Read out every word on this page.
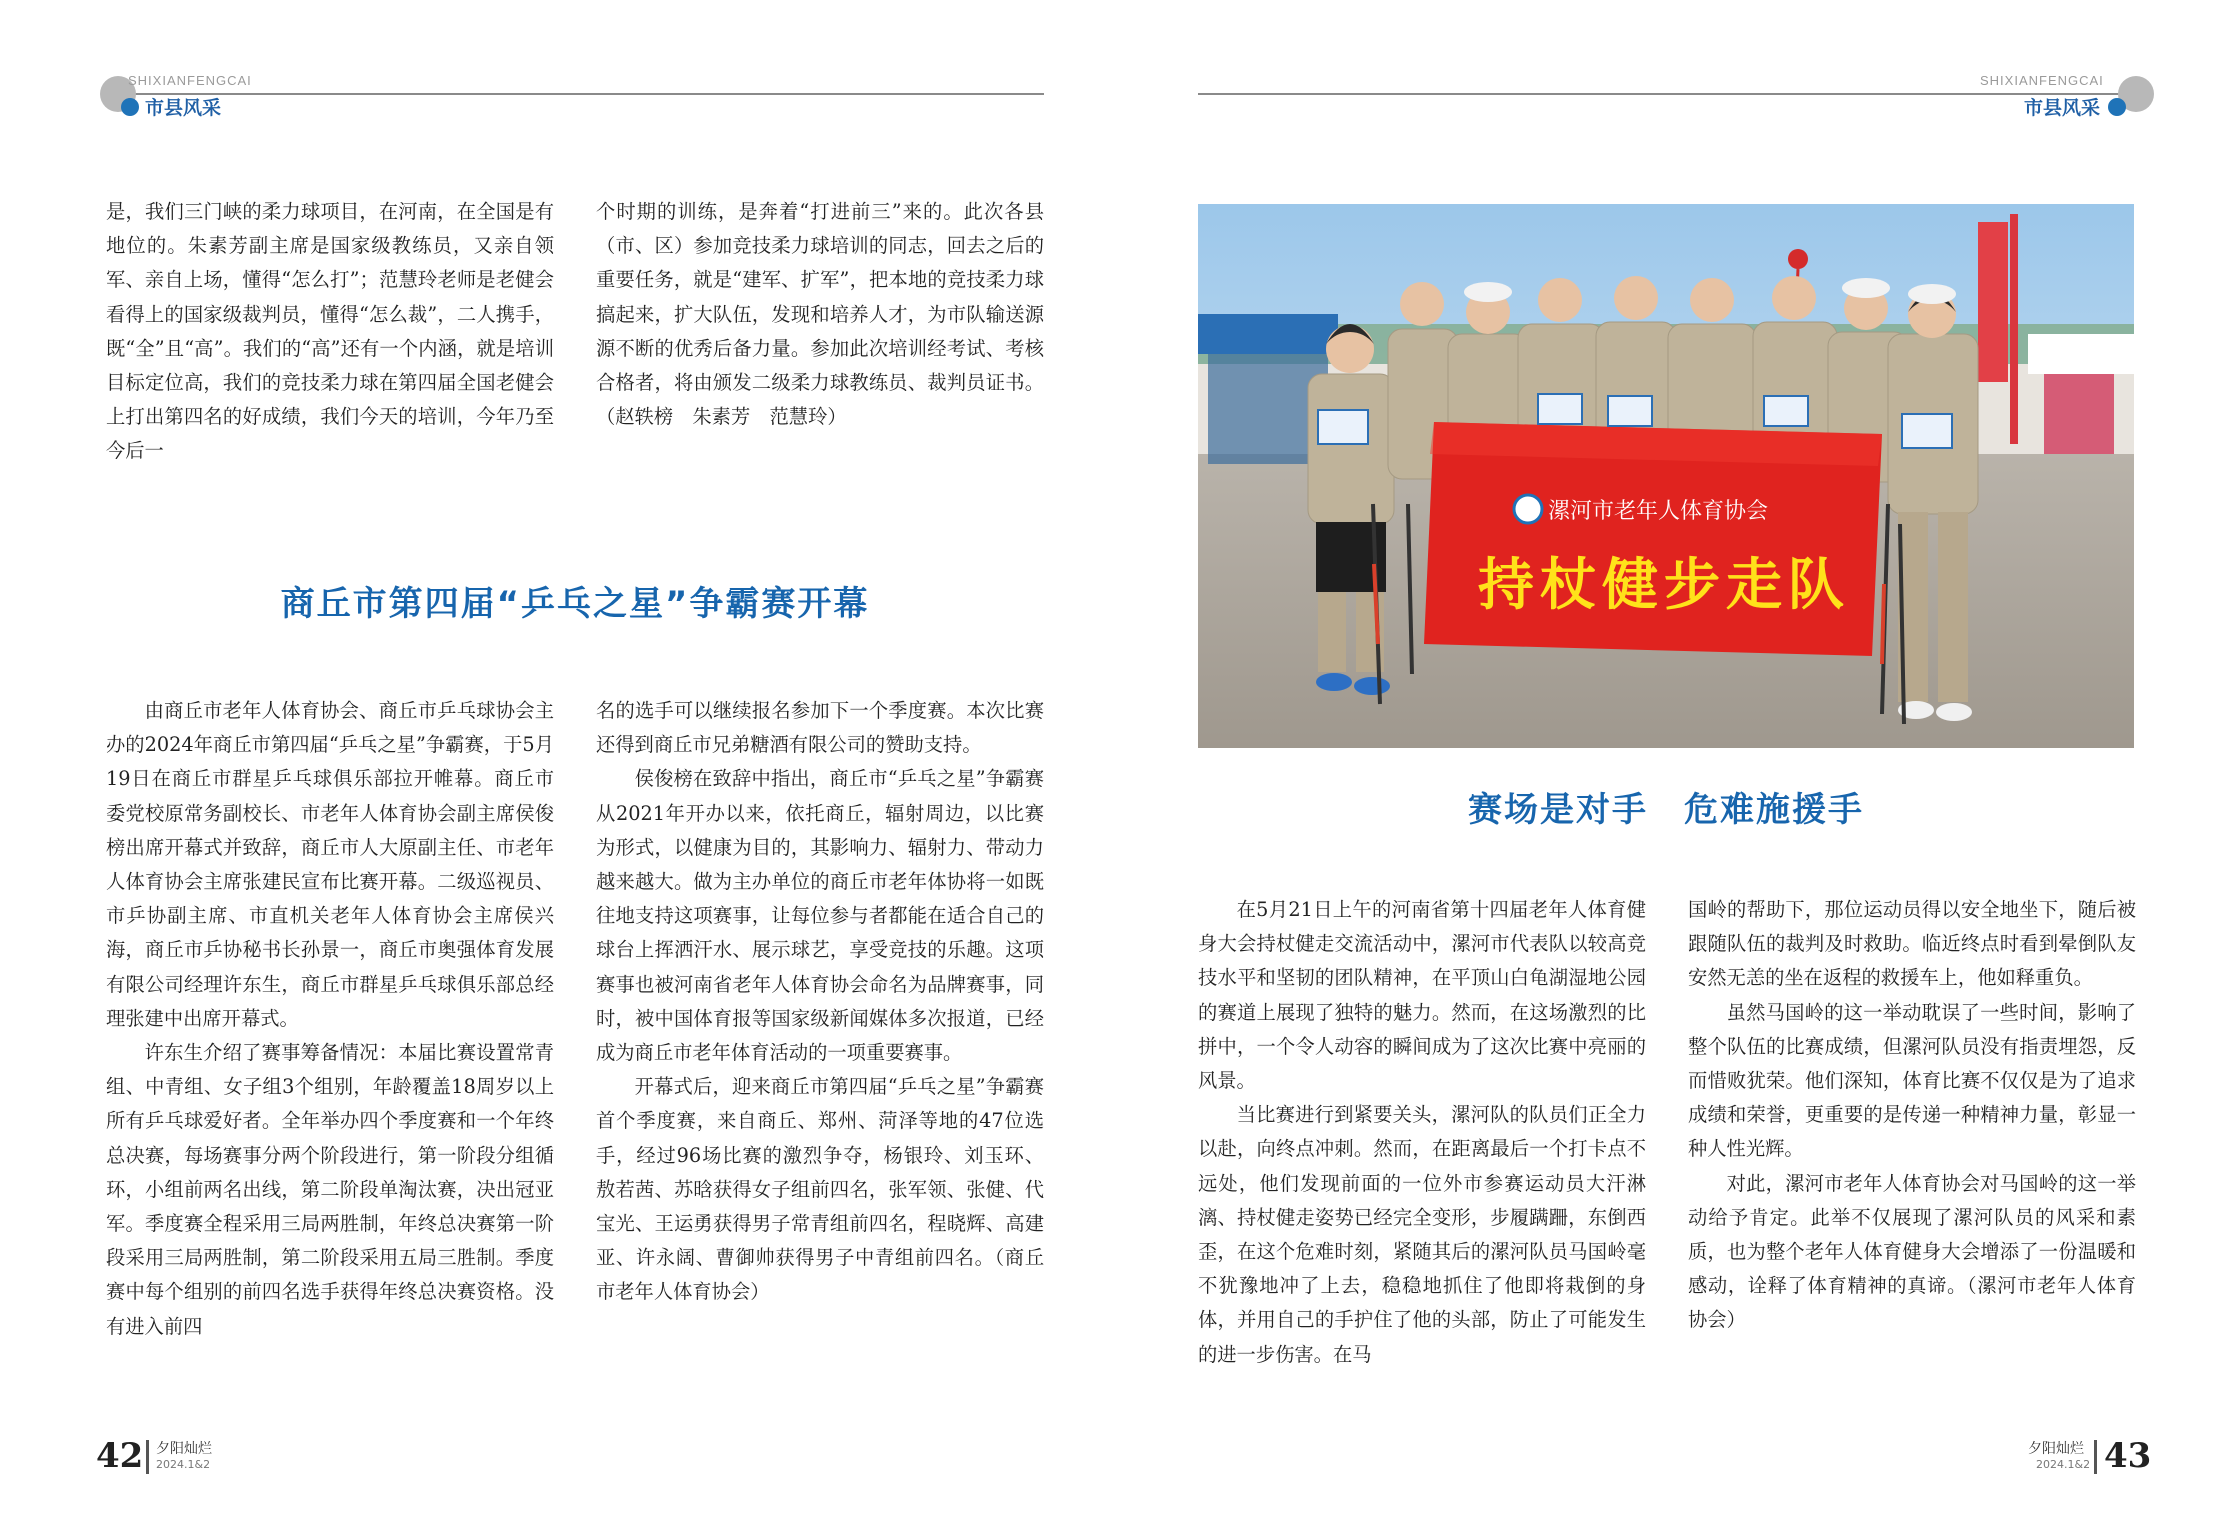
SHIXIANFENGCAI
市县风采

是，我们三门峡的柔力球项目，在河南，在全国是有地位的。朱素芳副主席是国家级教练员，又亲自领军、亲自上场，懂得“怎么打”；范慧玲老师是老健会看得上的国家级裁判员，懂得“怎么裁”，二人携手，既“全”且“高”。我们的“高”还有一个内涵，就是培训目标定位高，我们的竞技柔力球在第四届全国老健会上打出第四名的好成绩，我们今天的培训，今年乃至今后一

个时期的训练，是奔着“打进前三”来的。此次各县（市、区）参加竞技柔力球培训的同志，回去之后的重要任务，就是“建军、扩军”，把本地的竞技柔力球搞起来，扩大队伍，发现和培养人才，为市队输送源源不断的优秀后备力量。参加此次培训经考试、考核合格者，将由颁发二级柔力球教练员、裁判员证书。（赵轶榜　朱素芳　范慧玲）

商丘市第四届“乒乓之星”争霸赛开幕

由商丘市老年人体育协会、商丘市乒乓球协会主办的2024年商丘市第四届“乒乓之星”争霸赛，于5月19日在商丘市群星乒乓球俱乐部拉开帷幕。商丘市委党校原常务副校长、市老年人体育协会副主席侯俊榜出席开幕式并致辞，商丘市人大原副主任、市老年人体育协会主席张建民宣布比赛开幕。二级巡视员、市乒协副主席、市直机关老年人体育协会主席侯兴海，商丘市乒协秘书长孙景一，商丘市奥强体育发展有限公司经理许东生，商丘市群星乒乓球俱乐部总经理张建中出席开幕式。

许东生介绍了赛事筹备情况：本届比赛设置常青组、中青组、女子组3个组别，年龄覆盖18周岁以上所有乒乓球爱好者。全年举办四个季度赛和一个年终总决赛，每场赛事分两个阶段进行，第一阶段分组循环，小组前两名出线，第二阶段单淘汰赛，决出冠亚军。季度赛全程采用三局两胜制，年终总决赛第一阶段采用三局两胜制，第二阶段采用五局三胜制。季度赛中每个组别的前四名选手获得年终总决赛资格。没有进入前四

名的选手可以继续报名参加下一个季度赛。本次比赛还得到商丘市兄弟糖酒有限公司的赞助支持。

侯俊榜在致辞中指出，商丘市“乒乓之星”争霸赛从2021年开办以来，依托商丘，辐射周边，以比赛为形式，以健康为目的，其影响力、辐射力、带动力越来越大。做为主办单位的商丘市老年体协将一如既往地支持这项赛事，让每位参与者都能在适合自己的球台上挥洒汗水、展示球艺，享受竞技的乐趣。这项赛事也被河南省老年人体育协会命名为品牌赛事，同时，被中国体育报等国家级新闻媒体多次报道，已经成为商丘市老年体育活动的一项重要赛事。

开幕式后，迎来商丘市第四届“乒乓之星”争霸赛首个季度赛，来自商丘、郑州、菏泽等地的47位选手，经过96场比赛的激烈争夺，杨银玲、刘玉环、敖若茜、苏晗获得女子组前四名，张军领、张健、代宝光、王运勇获得男子常青组前四名，程晓辉、高建亚、许永阔、曹御帅获得男子中青组前四名。（商丘市老年人体育协会）

42 夕阳灿烂
2024.1&2
SHIXIANFENGCAI
市县风采
赛场是对手　危难施援手

在5月21日上午的河南省第十四届老年人体育健身大会持杖健走交流活动中，漯河市代表队以较高竞技水平和坚韧的团队精神，在平顶山白龟湖湿地公园的赛道上展现了独特的魅力。然而，在这场激烈的比拼中，一个令人动容的瞬间成为了这次比赛中亮丽的风景。

当比赛进行到紧要关头，漯河队的队员们正全力以赴，向终点冲刺。然而，在距离最后一个打卡点不远处，他们发现前面的一位外市参赛运动员大汗淋漓、持杖健走姿势已经完全变形，步履蹒跚，东倒西歪，在这个危难时刻，紧随其后的漯河队员马国岭毫不犹豫地冲了上去，稳稳地抓住了他即将栽倒的身体，并用自己的手护住了他的头部，防止了可能发生的进一步伤害。在马

国岭的帮助下，那位运动员得以安全地坐下，随后被跟随队伍的裁判及时救助。临近终点时看到晕倒队友安然无恙的坐在返程的救援车上，他如释重负。

虽然马国岭的这一举动耽误了一些时间，影响了整个队伍的比赛成绩，但漯河队员没有指责埋怨，反而惜败犹荣。他们深知，体育比赛不仅仅是为了追求成绩和荣誉，更重要的是传递一种精神力量，彰显一种人性光辉。

对此，漯河市老年人体育协会对马国岭的这一举动给予肯定。此举不仅展现了漯河队员的风采和素质，也为整个老年人体育健身大会增添了一份温暖和感动，诠释了体育精神的真谛。（漯河市老年人体育协会）

夕阳灿烂
2024.1&2 43
漯河市老年人体育协会
持杖健步走队
